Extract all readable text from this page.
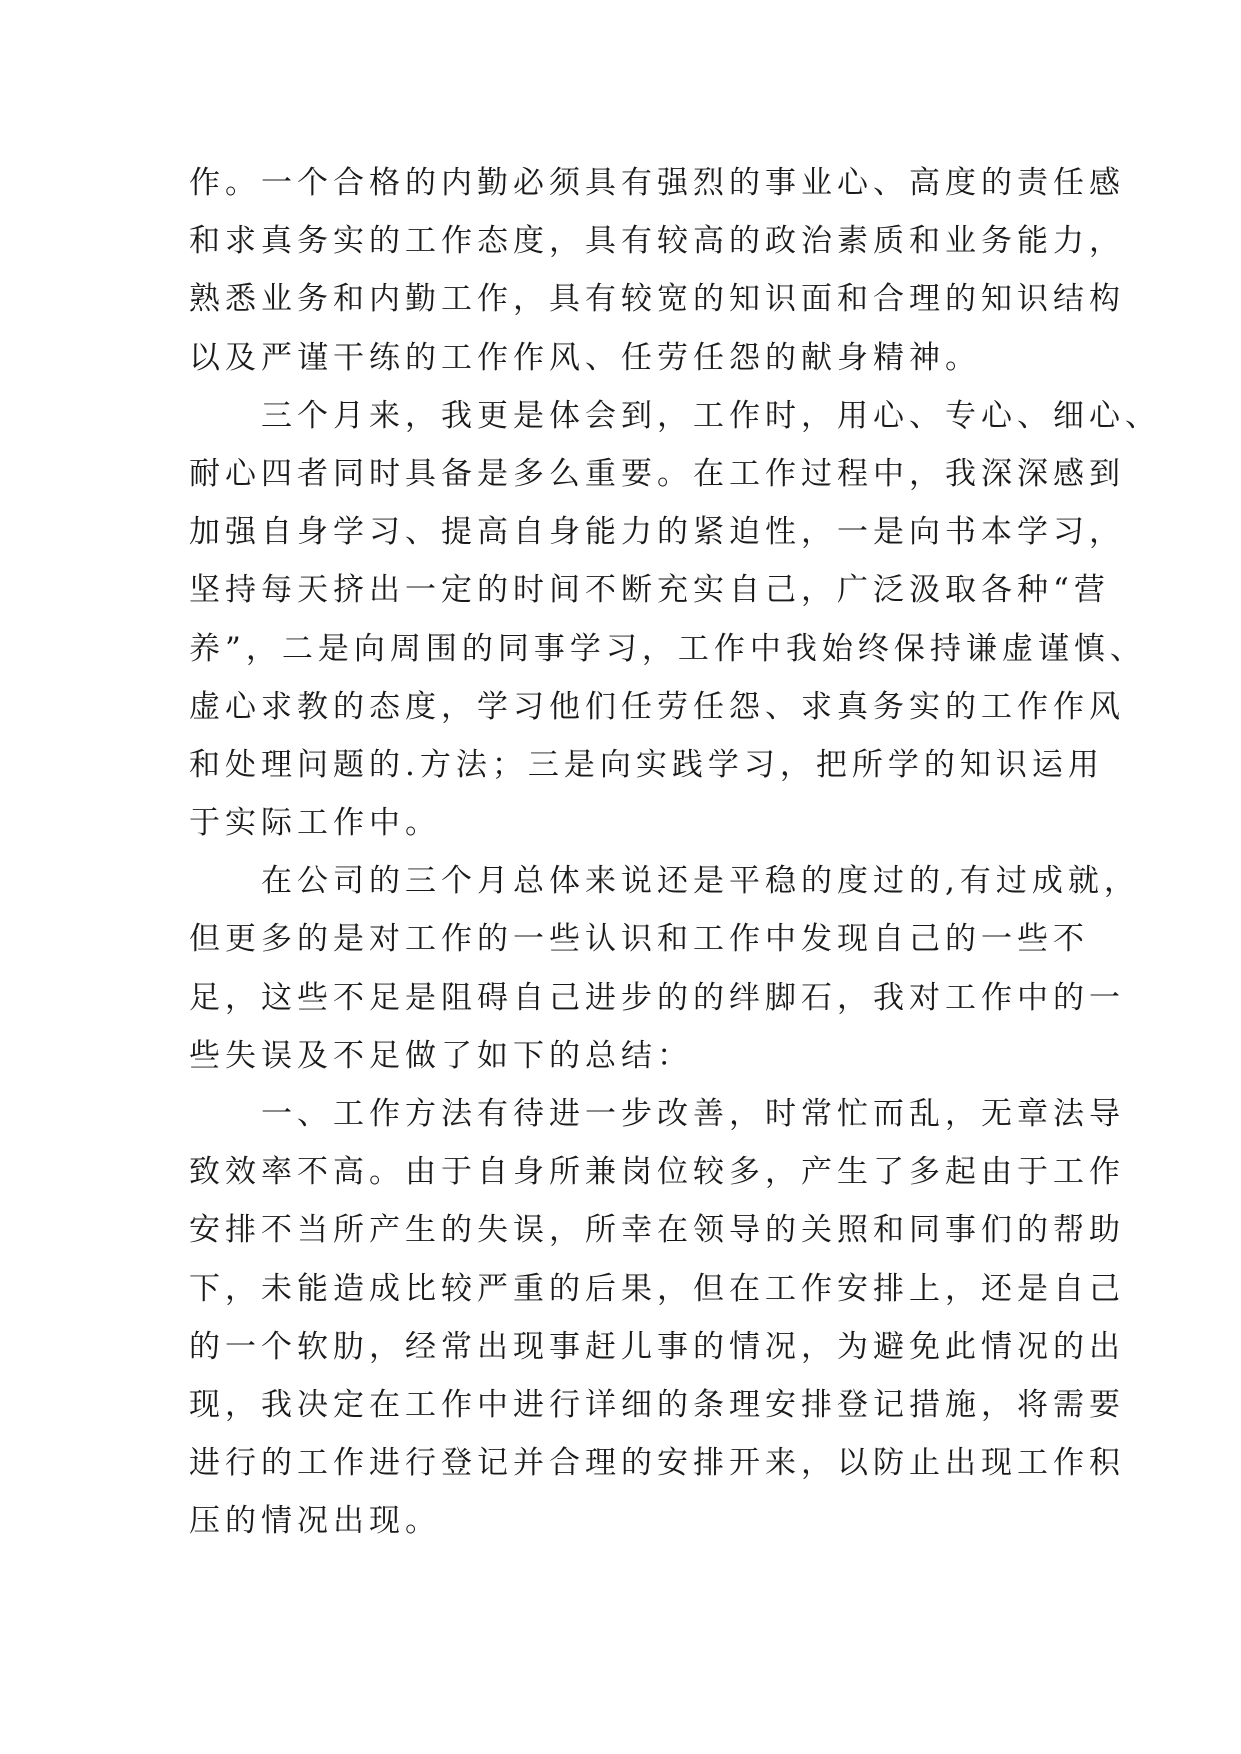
作。一个合格的内勤必须具有强烈的事业心、高度的责任感
和求真务实的工作态度，具有较高的政治素质和业务能力，
熟悉业务和内勤工作，具有较宽的知识面和合理的知识结构
以及严谨干练的工作作风、任劳任怨的献身精神。
三个月来，我更是体会到，工作时，用心、专心、细心、
耐心四者同时具备是多么重要。在工作过程中，我深深感到
加强自身学习、提高自身能力的紧迫性，一是向书本学习，
坚持每天挤出一定的时间不断充实自己，广泛汲取各种“营
养”，二是向周围的同事学习，工作中我始终保持谦虚谨慎、
虚心求教的态度，学习他们任劳任怨、求真务实的工作作风
和处理问题的.方法；三是向实践学习，把所学的知识运用
于实际工作中。
在公司的三个月总体来说还是平稳的度过的,有过成就，
但更多的是对工作的一些认识和工作中发现自己的一些不
足，这些不足是阻碍自己进步的的绊脚石，我对工作中的一
些失误及不足做了如下的总结：
一、工作方法有待进一步改善，时常忙而乱，无章法导
致效率不高。由于自身所兼岗位较多，产生了多起由于工作
安排不当所产生的失误，所幸在领导的关照和同事们的帮助
下，未能造成比较严重的后果，但在工作安排上，还是自己
的一个软肋，经常出现事赶儿事的情况，为避免此情况的出
现，我决定在工作中进行详细的条理安排登记措施，将需要
进行的工作进行登记并合理的安排开来，以防止出现工作积
压的情况出现。
